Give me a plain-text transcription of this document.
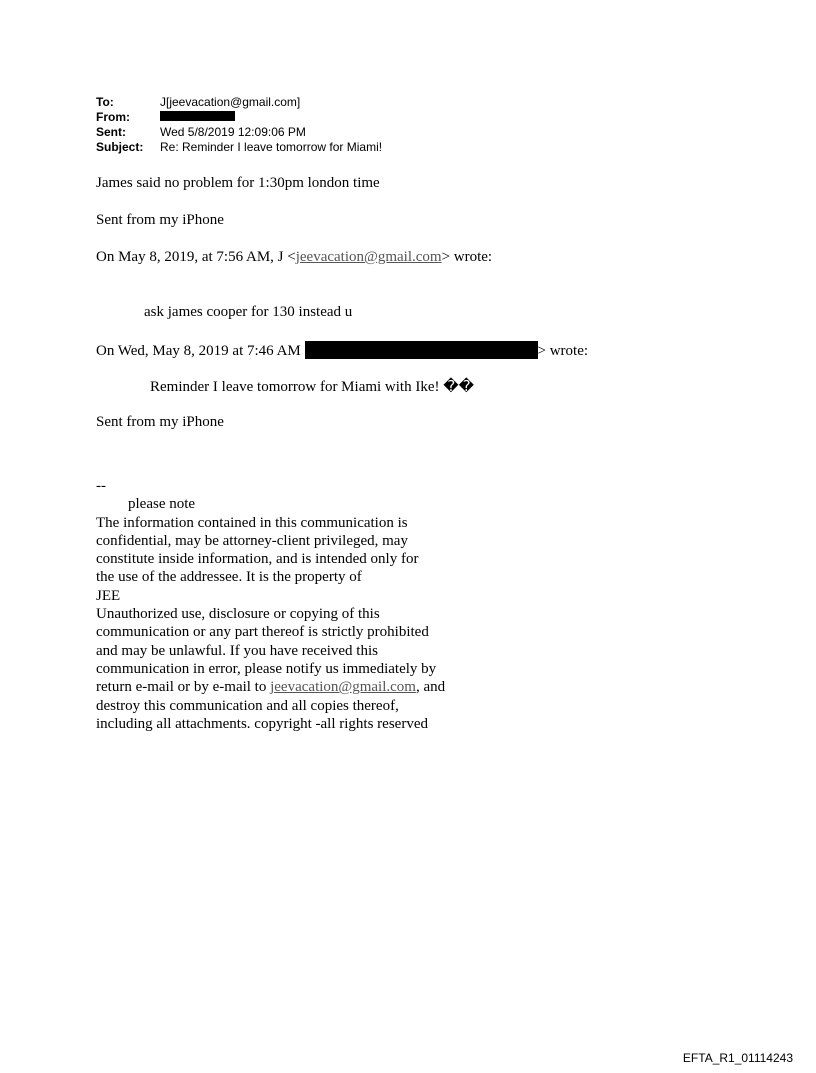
To:	J[jeevacation@gmail.com]
From:
Sent:	Wed 5/8/2019 12:09:06 PM
Subject:	Re: Reminder I leave tomorrow for Miami!
James said no problem for 1:30pm london time
Sent from my iPhone
On May 8, 2019, at 7:56 AM, J <jeevacation@gmail.com> wrote:
ask james cooper for 130 instead u
On Wed, May 8, 2019 at 7:46 AM	> wrote:
Reminder I leave tomorrow for Miami with Ike! ��
Sent from my iPhone
--
please note
The information contained in this communication is
confidential, may be attorney-client privileged, may
constitute inside information, and is intended only for
the use of the addressee. It is the property of
JEE
Unauthorized use, disclosure or copying of this
communication or any part thereof is strictly prohibited
and may be unlawful. If you have received this
communication in error, please notify us immediately by
return e-mail or by e-mail to jeevacation@gmail.com, and
destroy this communication and all copies thereof,
including all attachments. copyright -all rights reserved
EFTA_R1_01114243
